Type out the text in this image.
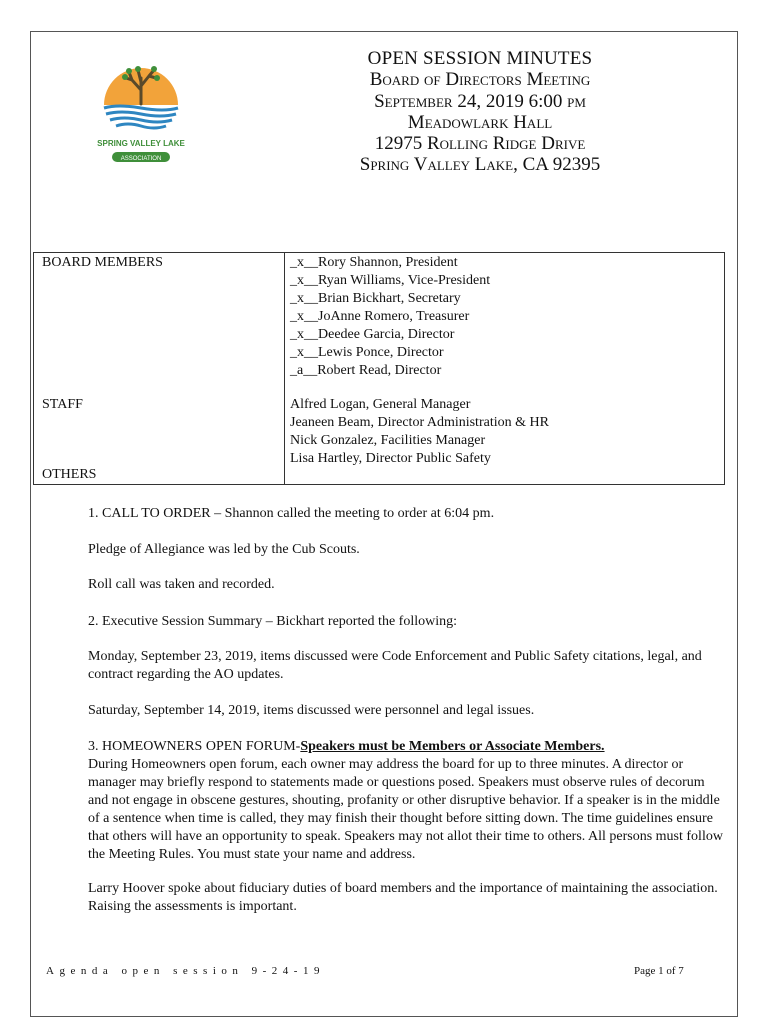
SPRING VALLEY LAKE
ASSOCIATION
OPEN SESSION MINUTES
Board of Directors Meeting
September 24, 2019 6:00 pm
Meadowlark Hall
12975 Rolling Ridge Drive
Spring Valley Lake, CA 92395
BOARD MEMBERS	_x__Rory Shannon, President
_x__Ryan Williams, Vice-President
_x__Brian Bickhart, Secretary
_x__JoAnne Romero, Treasurer
_x__Deedee Garcia, Director
_x__Lewis Ponce, Director
_a__Robert Read, Director
STAFF	Alfred Logan, General Manager
Jeaneen Beam, Director Administration & HR
Nick Gonzalez, Facilities Manager
Lisa Hartley, Director Public Safety
OTHERS

1. CALL TO ORDER – Shannon called the meeting to order at 6:04 pm.

Pledge of Allegiance was led by the Cub Scouts.

Roll call was taken and recorded.

2. Executive Session Summary – Bickhart reported the following:

Monday, September 23, 2019, items discussed were Code Enforcement and Public Safety citations, legal, and contract regarding the AO updates.

Saturday, September 14, 2019, items discussed were personnel and legal issues.

3. HOMEOWNERS OPEN FORUM-Speakers must be Members or Associate Members.

During Homeowners open forum, each owner may address the board for up to three minutes. A director or manager may briefly respond to statements made or questions posed. Speakers must observe rules of decorum and not engage in obscene gestures, shouting, profanity or other disruptive behavior. If a speaker is in the middle of a sentence when time is called, they may finish their thought before sitting down. The time guidelines ensure that others will have an opportunity to speak. Speakers may not allot their time to others. All persons must follow the Meeting Rules. You must state your name and address.

Larry Hoover spoke about fiduciary duties of board members and the importance of maintaining the association. Raising the assessments is important.

Agenda open session 9-24-19	Page 1 of 7
